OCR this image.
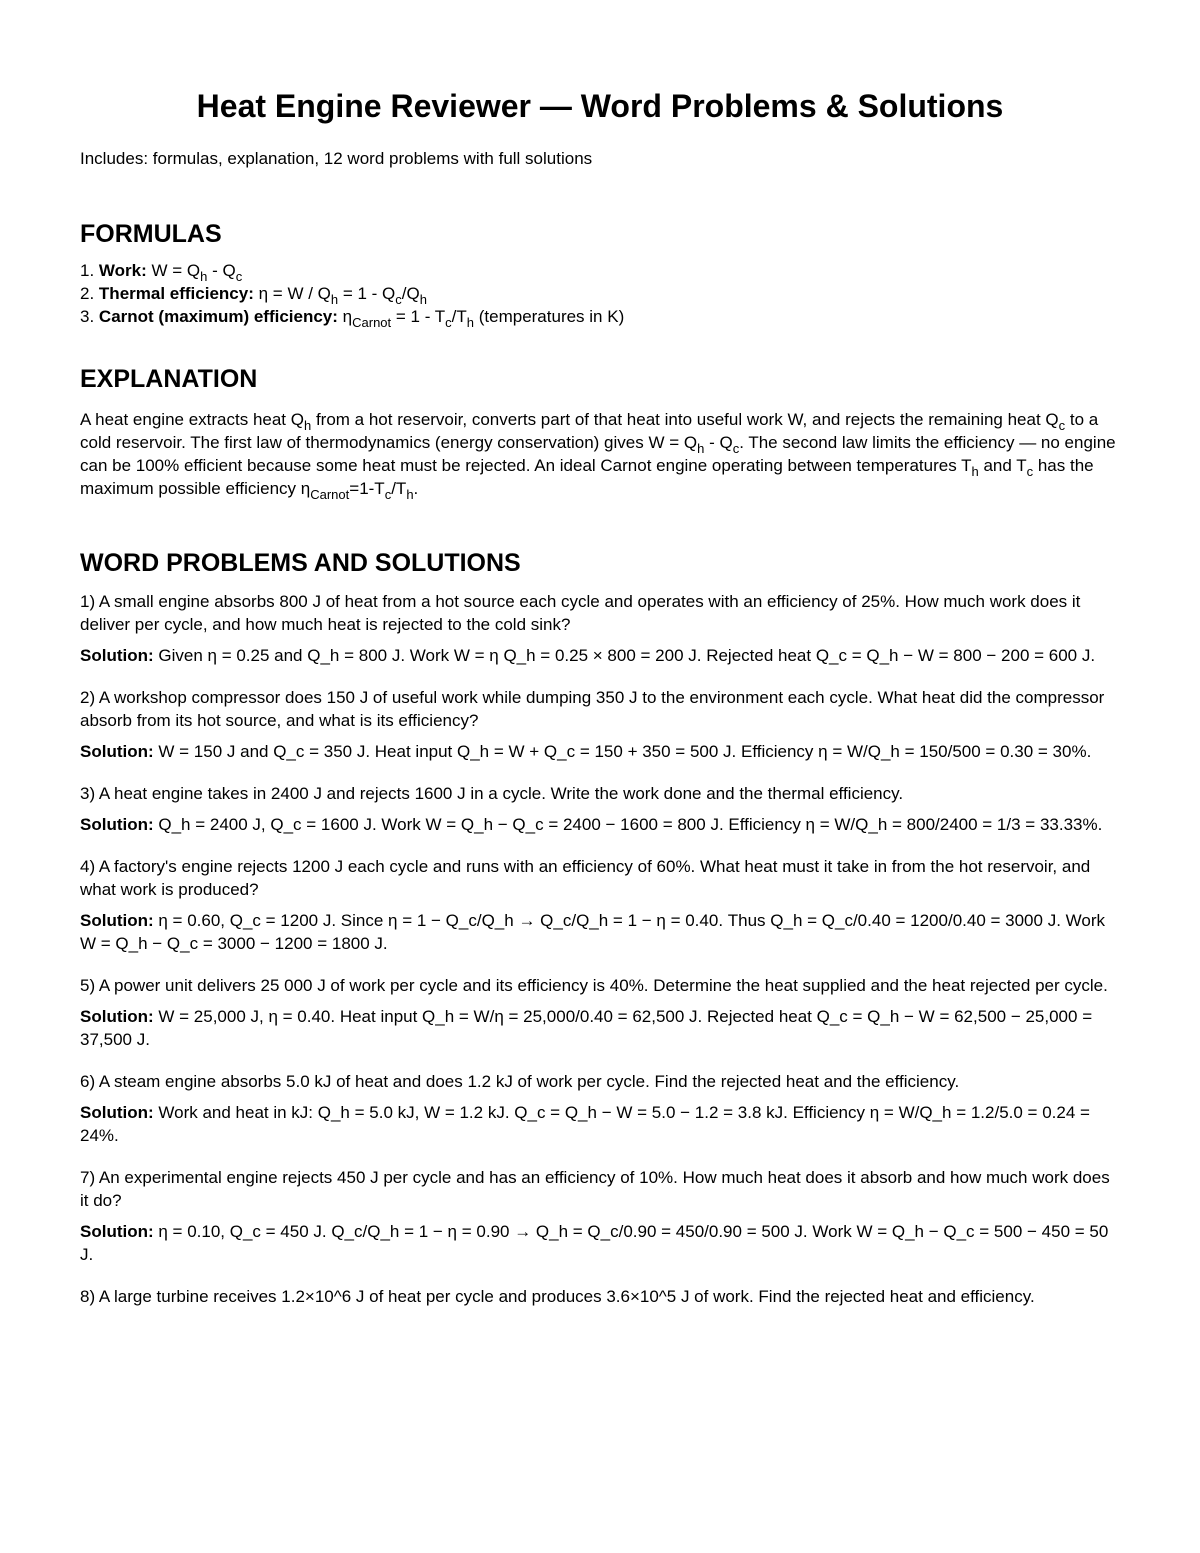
Heat Engine Reviewer — Word Problems & Solutions

Includes: formulas, explanation, 12 word problems with full solutions

FORMULAS
1. Work: $W = Q_h - Q_c$
2. Thermal efficiency: $\eta = W / Q_h = 1 - Q_c/Q_h$
3. Carnot (maximum) efficiency: $\eta_{Carnot} = 1 - T_c/T_h$ (temperatures in K)
EXPLANATION

A heat engine extracts heat $Q_h$ from a hot reservoir, converts part of that heat into useful work W, and rejects the remaining heat $Q_c$ to a cold reservoir. The first law of thermodynamics (energy conservation) gives $W = Q_h - Q_c$. The second law limits the efficiency — no engine can be 100% efficient because some heat must be rejected. An ideal Carnot engine operating between temperatures $T_h$ and $T_c$ has the maximum possible efficiency $\eta_{Carnot}=1-T_c/T_h$.

WORD PROBLEMS AND SOLUTIONS

1) A small engine absorbs 800 J of heat from a hot source each cycle and operates with an efficiency of 25%. How much work does it deliver per cycle, and how much heat is rejected to the cold sink?

Solution: Given η = 0.25 and Q_h = 800 J. Work W = η Q_h = 0.25 × 800 = 200 J. Rejected heat Q_c = Q_h − W = 800 − 200 = 600 J.

2) A workshop compressor does 150 J of useful work while dumping 350 J to the environment each cycle. What heat did the compressor absorb from its hot source, and what is its efficiency?

Solution: W = 150 J and Q_c = 350 J. Heat input Q_h = W + Q_c = 150 + 350 = 500 J. Efficiency η = W/Q_h = 150/500 = 0.30 = 30%.

3) A heat engine takes in 2400 J and rejects 1600 J in a cycle. Write the work done and the thermal efficiency.

Solution: Q_h = 2400 J, Q_c = 1600 J. Work W = Q_h − Q_c = 2400 − 1600 = 800 J. Efficiency η = W/Q_h = 800/2400 = 1/3 = 33.33%.

4) A factory's engine rejects 1200 J each cycle and runs with an efficiency of 60%. What heat must it take in from the hot reservoir, and what work is produced?

Solution: η = 0.60, Q_c = 1200 J. Since η = 1 − Q_c/Q_h → Q_c/Q_h = 1 − η = 0.40. Thus Q_h = Q_c/0.40 = 1200/0.40 = 3000 J. Work W = Q_h − Q_c = 3000 − 1200 = 1800 J.

5) A power unit delivers 25 000 J of work per cycle and its efficiency is 40%. Determine the heat supplied and the heat rejected per cycle.

Solution: W = 25,000 J, η = 0.40. Heat input Q_h = W/η = 25,000/0.40 = 62,500 J. Rejected heat Q_c = Q_h − W = 62,500 − 25,000 = 37,500 J.

6) A steam engine absorbs 5.0 kJ of heat and does 1.2 kJ of work per cycle. Find the rejected heat and the efficiency.

Solution: Work and heat in kJ: Q_h = 5.0 kJ, W = 1.2 kJ. Q_c = Q_h − W = 5.0 − 1.2 = 3.8 kJ. Efficiency η = W/Q_h = 1.2/5.0 = 0.24 = 24%.

7) An experimental engine rejects 450 J per cycle and has an efficiency of 10%. How much heat does it absorb and how much work does it do?

Solution: η = 0.10, Q_c = 450 J. Q_c/Q_h = 1 − η = 0.90 → Q_h = Q_c/0.90 = 450/0.90 = 500 J. Work W = Q_h − Q_c = 500 − 450 = 50 J.

8) A large turbine receives 1.2×10^6 J of heat per cycle and produces 3.6×10^5 J of work. Find the rejected heat and efficiency.
